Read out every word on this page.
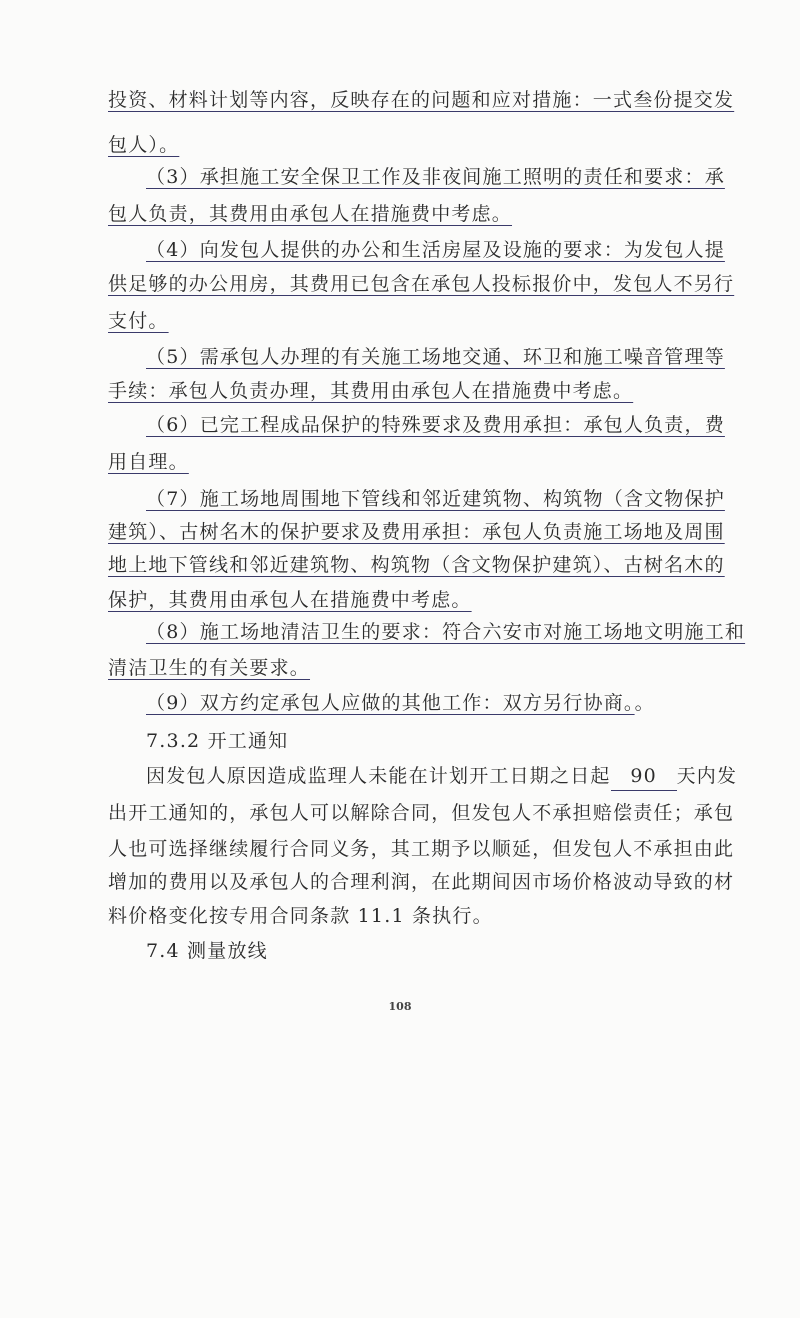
投资、材料计划等内容，反映存在的问题和应对措施：一式叁份提交发
包人）。
（3）承担施工安全保卫工作及非夜间施工照明的责任和要求：承
包人负责，其费用由承包人在措施费中考虑。
（4）向发包人提供的办公和生活房屋及设施的要求：为发包人提
供足够的办公用房，其费用已包含在承包人投标报价中，发包人不另行
支付。
（5）需承包人办理的有关施工场地交通、环卫和施工噪音管理等
手续：承包人负责办理，其费用由承包人在措施费中考虑。
（6）已完工程成品保护的特殊要求及费用承担：承包人负责，费
用自理。
（7）施工场地周围地下管线和邻近建筑物、构筑物（含文物保护
建筑）、古树名木的保护要求及费用承担：承包人负责施工场地及周围
地上地下管线和邻近建筑物、构筑物（含文物保护建筑）、古树名木的
保护，其费用由承包人在措施费中考虑。
（8）施工场地清洁卫生的要求：符合六安市对施工场地文明施工和
清洁卫生的有关要求。
（9）双方约定承包人应做的其他工作：双方另行协商。。
7.3.2 开工通知
因发包人原因造成监理人未能在计划开工日期之日起 90 天内发
出开工通知的，承包人可以解除合同，但发包人不承担赔偿责任；承包
人也可选择继续履行合同义务，其工期予以顺延，但发包人不承担由此
增加的费用以及承包人的合理利润，在此期间因市场价格波动导致的材
料价格变化按专用合同条款 11.1 条执行。
7.4 测量放线
108
